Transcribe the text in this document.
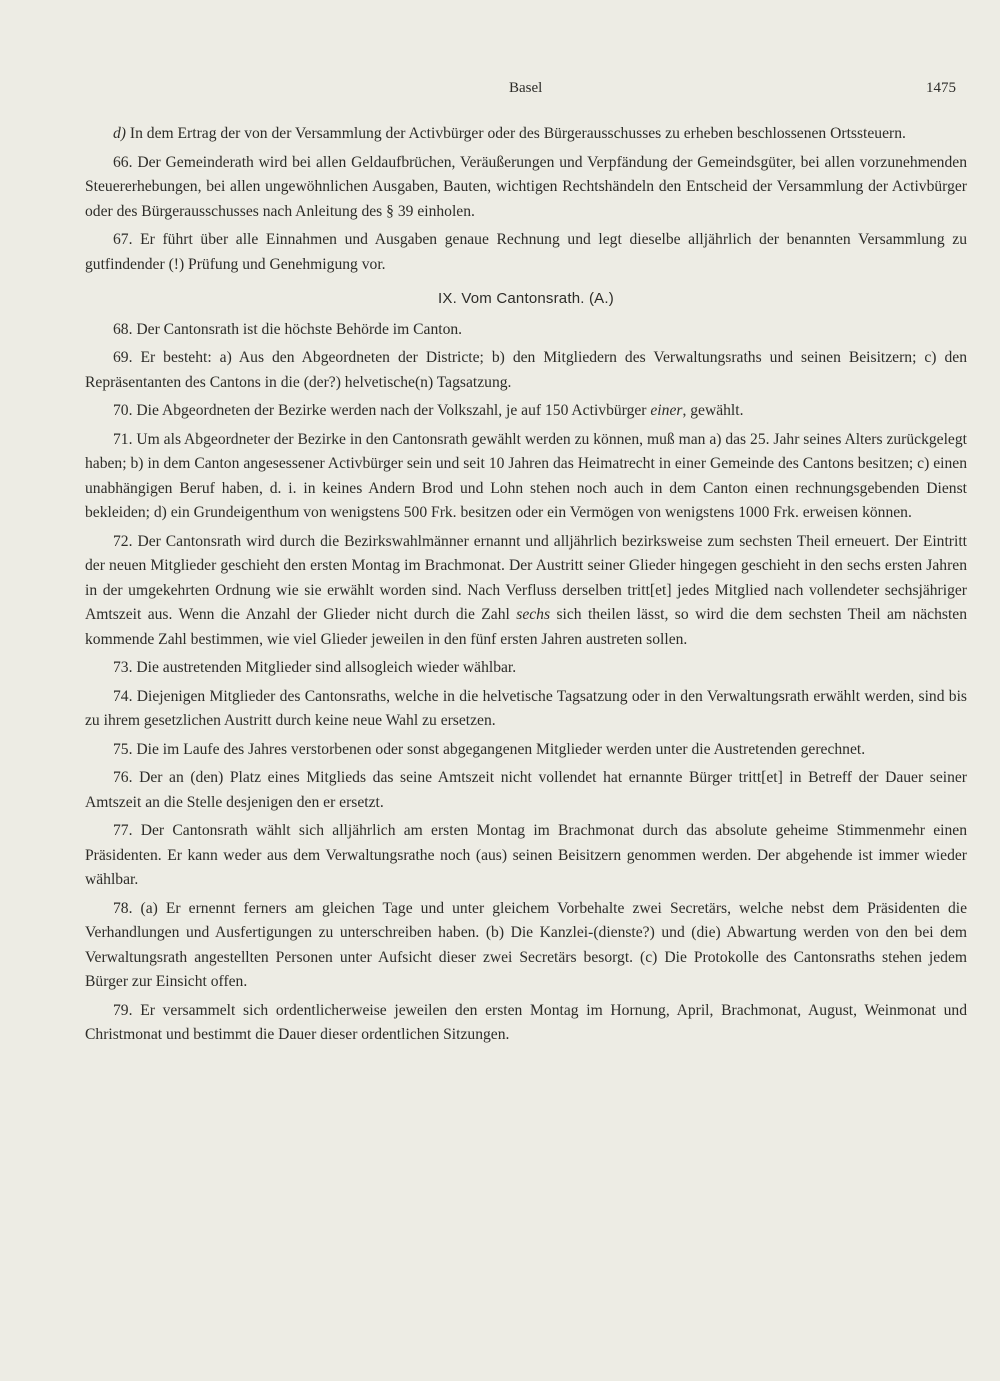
Basel	1475

d) In dem Ertrag der von der Versammlung der Activbürger oder des Bürgerausschusses zu erheben beschlossenen Ortssteuern.

66. Der Gemeinderath wird bei allen Geldaufbrüchen, Veräußerungen und Verpfändung der Gemeindsgüter, bei allen vorzunehmenden Steuererhebungen, bei allen ungewöhnlichen Ausgaben, Bauten, wichtigen Rechtshändeln den Entscheid der Versammlung der Activbürger oder des Bürgerausschusses nach Anleitung des § 39 einholen.

67. Er führt über alle Einnahmen und Ausgaben genaue Rechnung und legt dieselbe alljährlich der benannten Versammlung zu gutfindender (!) Prüfung und Genehmigung vor.

IX. Vom Cantonsrath. (A.)

68. Der Cantonsrath ist die höchste Behörde im Canton.

69. Er besteht: a) Aus den Abgeordneten der Districte; b) den Mitgliedern des Verwaltungsraths und seinen Beisitzern; c) den Repräsentanten des Cantons in die (der?) helvetische(n) Tagsatzung.

70. Die Abgeordneten der Bezirke werden nach der Volkszahl, je auf 150 Activbürger einer, gewählt.

71. Um als Abgeordneter der Bezirke in den Cantonsrath gewählt werden zu können, muß man a) das 25. Jahr seines Alters zurückgelegt haben; b) in dem Canton angesessener Activbürger sein und seit 10 Jahren das Heimatrecht in einer Gemeinde des Cantons besitzen; c) einen unabhängigen Beruf haben, d. i. in keines Andern Brod und Lohn stehen noch auch in dem Canton einen rechnungsgebenden Dienst bekleiden; d) ein Grundeigenthum von wenigstens 500 Frk. besitzen oder ein Vermögen von wenigstens 1000 Frk. erweisen können.

72. Der Cantonsrath wird durch die Bezirkswahlmänner ernannt und alljährlich bezirksweise zum sechsten Theil erneuert. Der Eintritt der neuen Mitglieder geschieht den ersten Montag im Brachmonat. Der Austritt seiner Glieder hingegen geschieht in den sechs ersten Jahren in der umgekehrten Ordnung wie sie erwählt worden sind. Nach Verfluss derselben tritt[et] jedes Mitglied nach vollendeter sechsjähriger Amtszeit aus. Wenn die Anzahl der Glieder nicht durch die Zahl sechs sich theilen lässt, so wird die dem sechsten Theil am nächsten kommende Zahl bestimmen, wie viel Glieder jeweilen in den fünf ersten Jahren austreten sollen.

73. Die austretenden Mitglieder sind allsogleich wieder wählbar.

74. Diejenigen Mitglieder des Cantonsraths, welche in die helvetische Tagsatzung oder in den Verwaltungsrath erwählt werden, sind bis zu ihrem gesetzlichen Austritt durch keine neue Wahl zu ersetzen.

75. Die im Laufe des Jahres verstorbenen oder sonst abgegangenen Mitglieder werden unter die Austretenden gerechnet.

76. Der an (den) Platz eines Mitglieds das seine Amtszeit nicht vollendet hat ernannte Bürger tritt[et] in Betreff der Dauer seiner Amtszeit an die Stelle desjenigen den er ersetzt.

77. Der Cantonsrath wählt sich alljährlich am ersten Montag im Brachmonat durch das absolute geheime Stimmenmehr einen Präsidenten. Er kann weder aus dem Verwaltungsrathe noch (aus) seinen Beisitzern genommen werden. Der abgehende ist immer wieder wählbar.

78. (a) Er ernennt ferners am gleichen Tage und unter gleichem Vorbehalte zwei Secretärs, welche nebst dem Präsidenten die Verhandlungen und Ausfertigungen zu unterschreiben haben. (b) Die Kanzlei-(dienste?) und (die) Abwartung werden von den bei dem Verwaltungsrath angestellten Personen unter Aufsicht dieser zwei Secretärs besorgt. (c) Die Protokolle des Cantonsraths stehen jedem Bürger zur Einsicht offen.

79. Er versammelt sich ordentlicherweise jeweilen den ersten Montag im Hornung, April, Brachmonat, August, Weinmonat und Christmonat und bestimmt die Dauer dieser ordentlichen Sitzungen.
